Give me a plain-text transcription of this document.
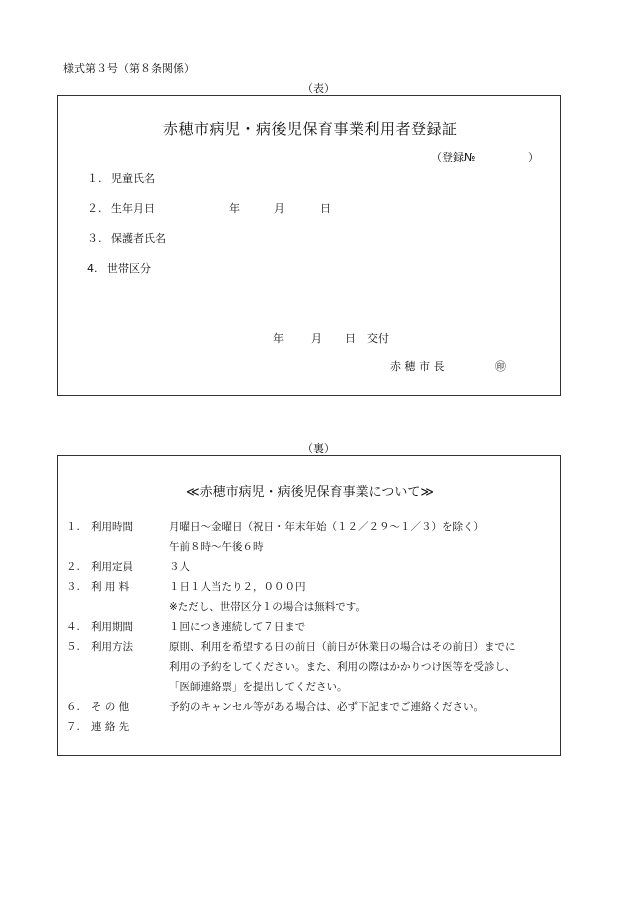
様式第３号（第８条関係）
（表）
赤穂市病児・病後児保育事業利用者登録証
（登録№	）
１. 児童氏名
２. 生年月日	年	月	日
３. 保護者氏名
4. 世帯区分
年 月 日 交付
赤 穂 市 長	㊞
（裏）
≪赤穂市病児・病後児保育事業について≫
１. 利用時間	月曜日～金曜日（祝日・年末年始（１２／２９～１／３）を除く）
午前８時～午後６時
２. 利用定員	３人
３. 利 用 料	１日１人当たり２，０００円
※ただし、世帯区分１の場合は無料です。
４. 利用期間	１回につき連続して７日まで
５. 利用方法	原則、利用を希望する日の前日（前日が休業日の場合はその前日）までに
利用の予約をしてください。また、利用の際はかかりつけ医等を受診し、
「医師連絡票」を提出してください。
６. そ の 他	予約のキャンセル等がある場合は、必ず下記までご連絡ください。
７. 連 絡 先
